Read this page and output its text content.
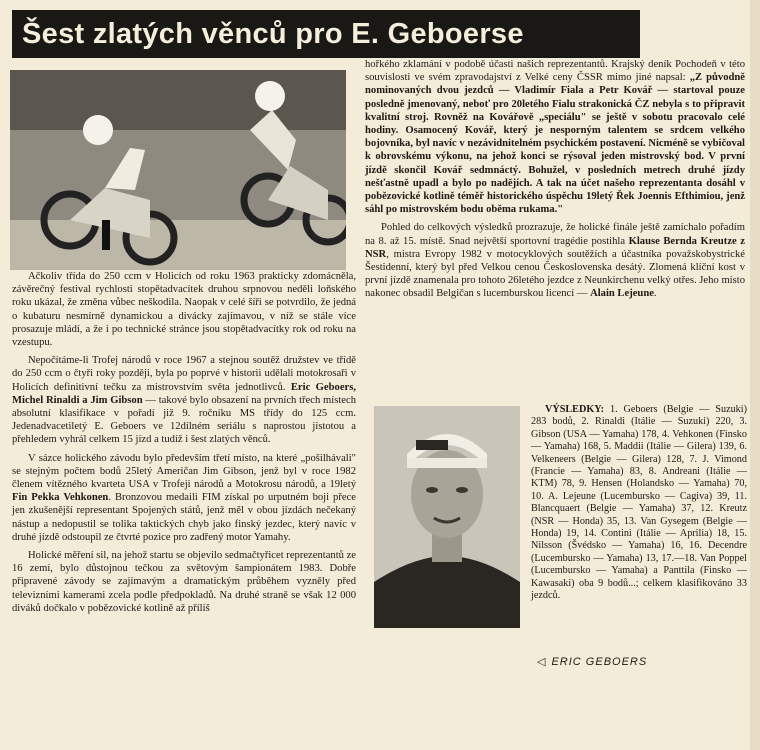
Šest zlatých věnců pro E. Geboerse

Ačkoliv třída do 250 ccm v Holicích od roku 1963 prakticky zdomácněla, závěrečný festival rychlosti stopětadvacítek druhou srpnovou neděli loňského roku ukázal, že změna vůbec neškodila. Naopak v celé šíři se potvrdilo, že jedná o kubaturu nesmírně dynamickou a divácky zajímavou, v níž se stále více prosazuje mládí, a že i po technické stránce jsou stopětadvacítky rok od roku na vzestupu.

Nepočítáme-li Trofej národů v roce 1967 a stejnou soutěž družstev ve třídě do 250 ccm o čtyři roky později, byla po poprvé v historii udělali motokrosaři v Holicích definitivní tečku za mistrovstvím světa jednotlivců. Eric Geboers, Michel Rinaldi a Jim Gibson — takové bylo obsazení na prvních třech místech absolutní klasifikace v pořadí již 9. ročníku MS třídy do 125 ccm. Jedenadvacetiletý E. Geboers ve 12dílném seriálu s naprostou jistotou a přehledem vyhrál celkem 15 jízd a tudíž i šest zlatých věnců.

V sázce holického závodu bylo především třetí místo, na které „pošilhávali" se stejným počtem bodů 25letý Američan Jim Gibson, jenž byl v roce 1982 členem vítězného kvarteta USA v Trofeji národů a Motokrosu národů, a 19letý Fin Pekka Vehkonen. Bronzovou medaili FIM získal po urputném boji přece jen zkušenější representant Spojených států, jenž měl v obou jízdách nečekaný nástup a nedopustil se tolika taktických chyb jako finský jezdec, který navíc v druhé jízdě odstoupil ze čtvrté pozice pro zadřený motor Yamahy.

Holické měření sil, na jehož startu se objevilo sedmačtyřicet reprezentantů ze 16 zemí, bylo důstojnou tečkou za světovým šampionátem 1983. Dobře připravené závody se zajímavým a dramatickým průběhem vyzněly před televizními kamerami zcela podle předpokladů. Na druhé straně se však 12 000 diváků dočkalo v pobězovické kotlině až příliš

hořkého zklamání v podobě účasti našich reprezentantů. Krajský deník Pochodeň v této souvislosti ve svém zpravodajství z Velké ceny ČSSR mimo jiné napsal: „Z původně nominovaných dvou jezdců — Vladimír Fiala a Petr Kovář — startoval pouze posledně jmenovaný, neboť pro 20letého Fialu strakonická ČZ nebyla s to připravit kvalitní stroj. Rovněž na Kovářově „speciálu" se ještě v sobotu pracovalo celé hodiny. Osamocený Kovář, který je nesporným talentem se srdcem velkého bojovníka, byl navíc v nezávidnitelném psychickém postavení. Nicméně se vybičoval k obrovskému výkonu, na jehož konci se rýsoval jeden mistrovský bod. V první jízdě skončil Kovář sedmnáctý. Bohužel, v posledních metrech druhé jízdy nešťastně upadl a bylo po nadějích. A tak na účet našeho reprezentanta dosáhl v pobězovické kotlině téměř historického úspěchu 19letý Řek Joennis Efthimiou, jenž sáhl po mistrovském bodu oběma rukama."

Pohled do celkových výsledků prozrazuje, že holické finále ještě zamíchalo pořadím na 8. až 15. místě. Snad největší sportovní tragédie postihla Klause Bernda Kreutze z NSR, mistra Evropy 1982 v motocyklových soutěžích a účastníka považskobystrické Šestidenní, který byl před Velkou cenou Československa desátý. Zlomená klíční kost v první jízdě znamenala pro tohoto 26letého jezdce z Neunkirchenu velký otřes. Jeho místo nakonec obsadil Belgičan s lucemburskou licencí — Alain Lejeune.

VÝSLEDKY: 1. Geboers (Belgie — Suzuki) 283 bodů, 2. Rinaldi (Itálie — Suzuki) 220, 3. Gibson (USA — Yamaha) 178, 4. Vehkonen (Finsko — Yamaha) 168, 5. Maddii (Itálie — Gilera) 139, 6. Velkeneers (Belgie — Gilera) 128, 7. J. Vimond (Francie — Yamaha) 83, 8. Andreani (Itálie — KTM) 78, 9. Hensen (Holandsko — Yamaha) 70, 10. A. Lejeune (Lucembursko — Cagiva) 39, 11. Blancquaert (Belgie — Yamaha) 37, 12. Kreutz (NSR — Honda) 35, 13. Van Gysegem (Belgie — Honda) 19, 14. Contini (Itálie — Aprilia) 18, 15. Nilsson (Švédsko — Yamaha) 16, 16. Decendre (Lucembursko — Yamaha) 13, 17.—18. Van Poppel (Lucembursko — Yamaha) a Panttila (Finsko — Kawasaki) oba 9 bodů...; celkem klasifikováno 33 jezdců.

◁ ERIC GEBOERS
